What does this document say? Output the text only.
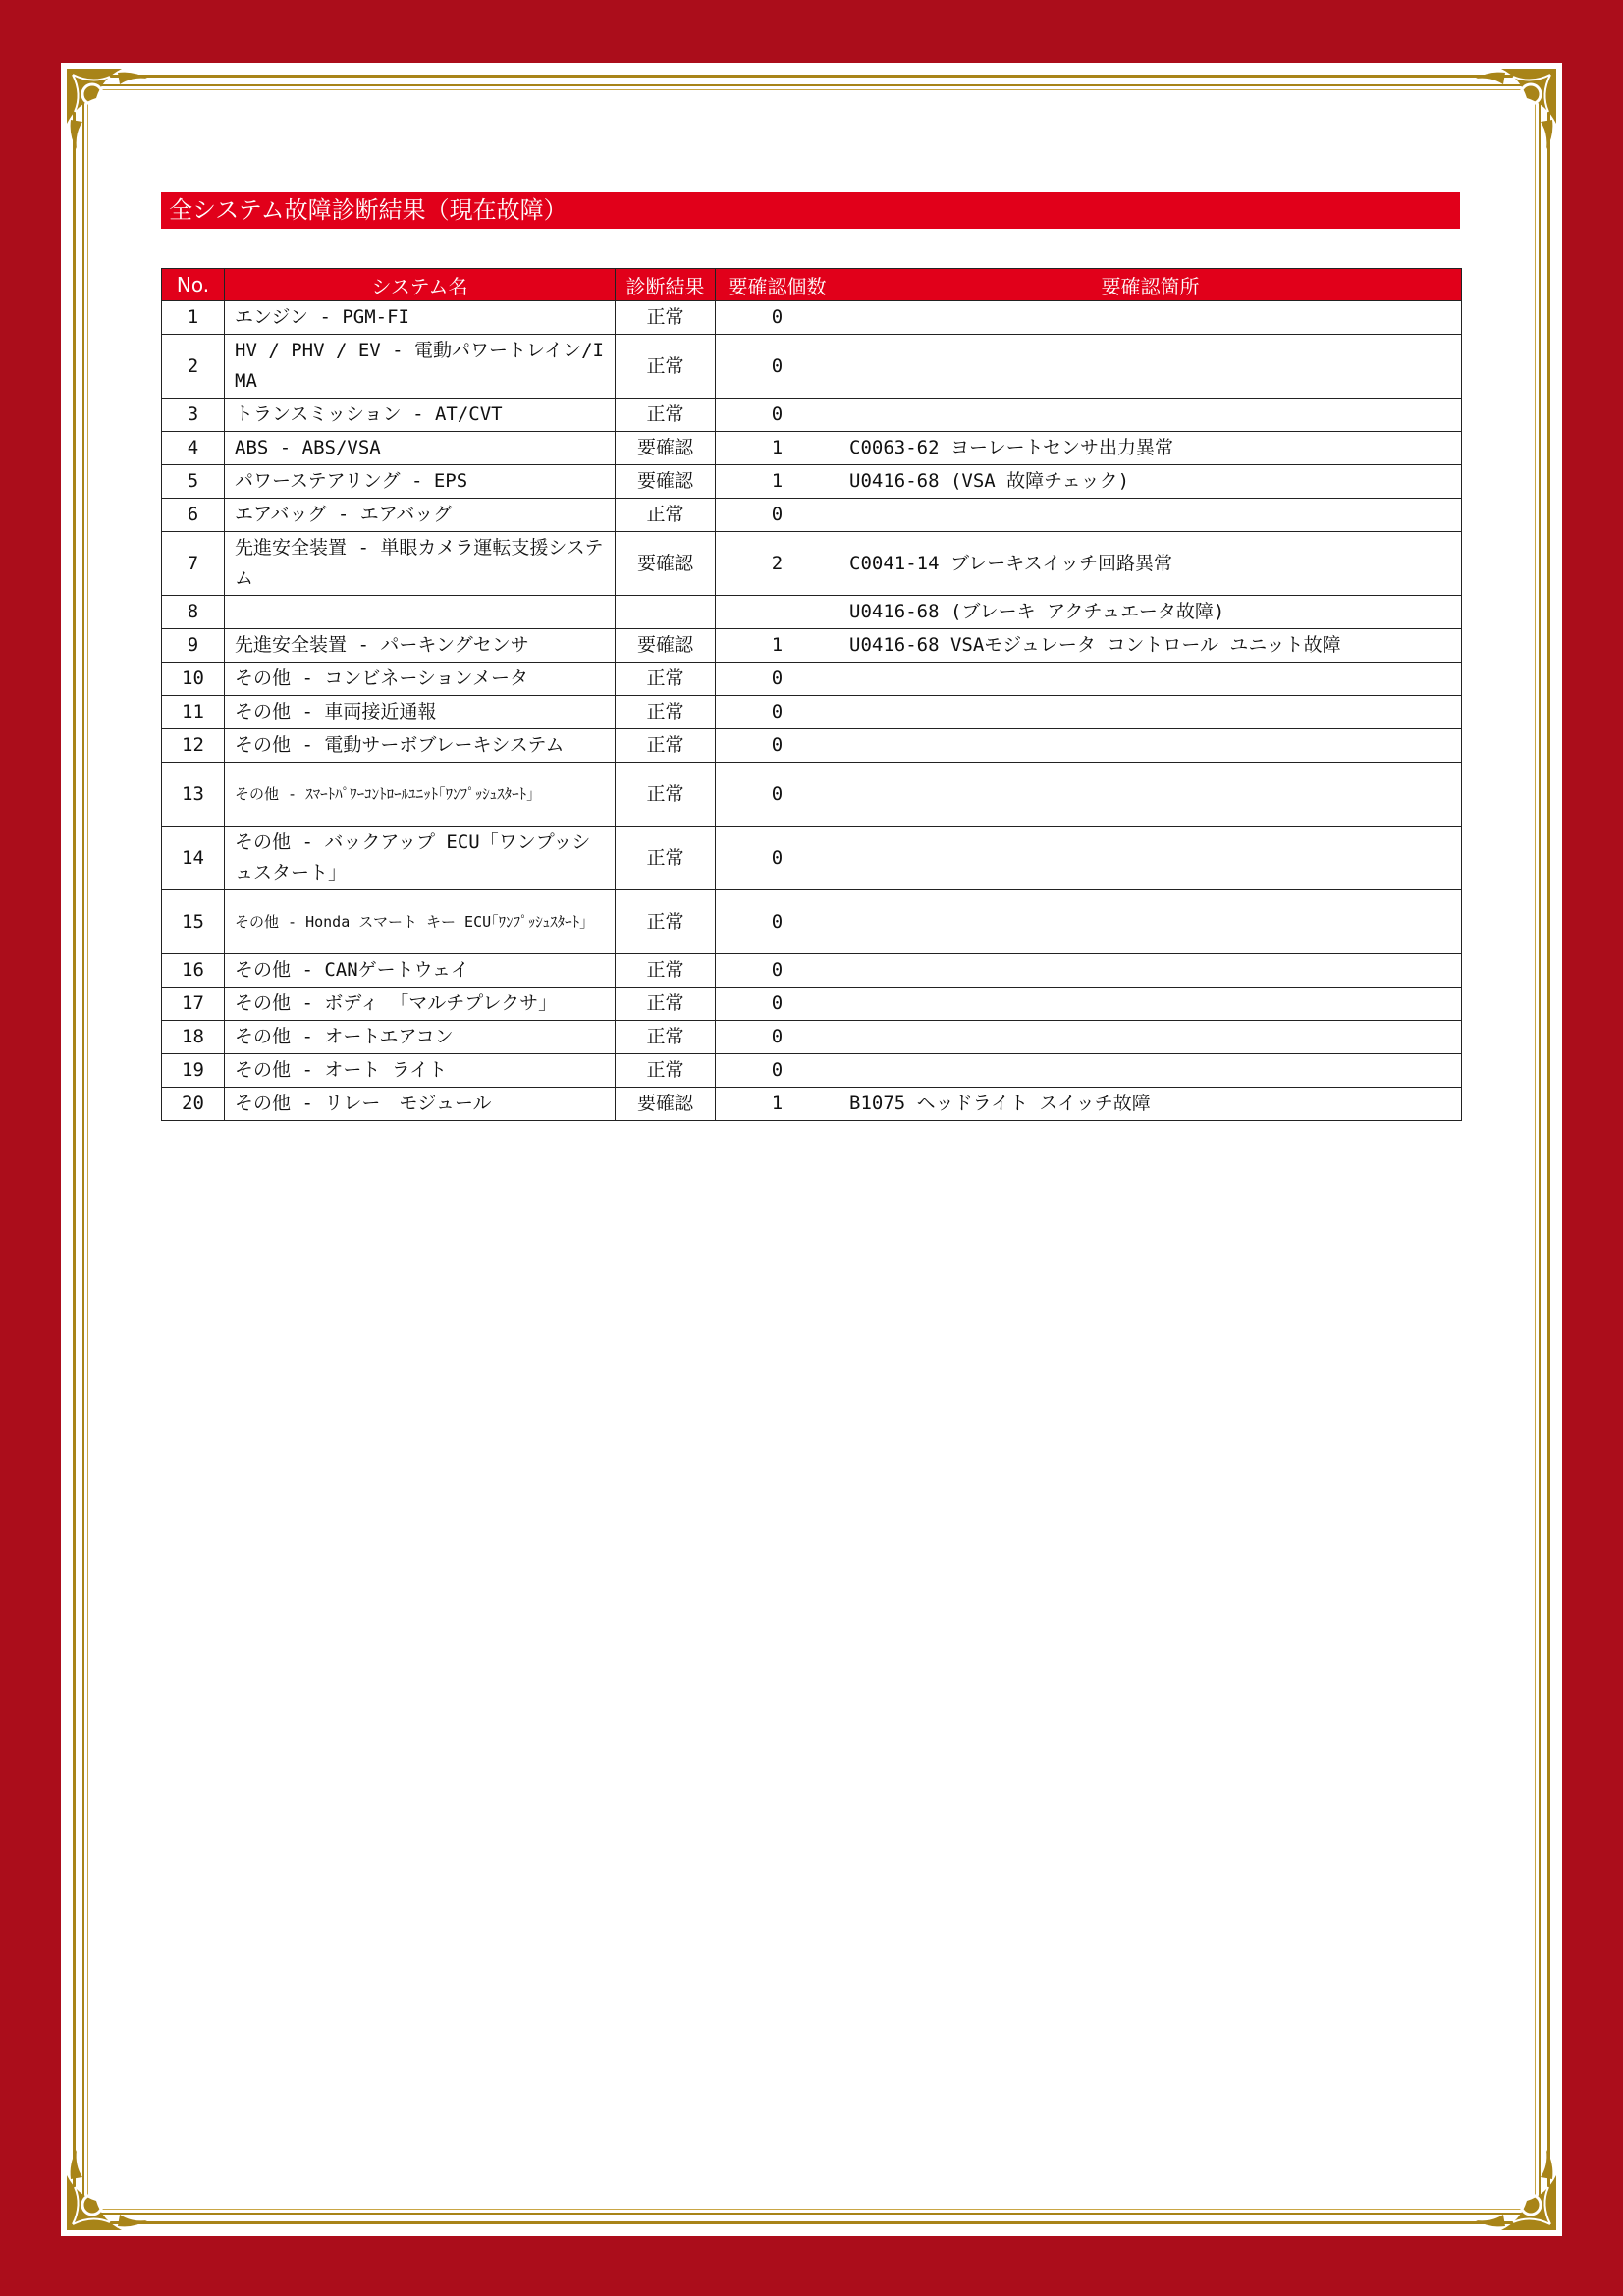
全システム故障診断結果（現在故障）
No.	システム名	診断結果	要確認個数	要確認箇所
1	エンジン - PGM-FI	正常	0	
2	HV / PHV / EV - 電動パワートレイン/IMA	正常	0	
3	トランスミッション - AT/CVT	正常	0	
4	ABS - ABS/VSA	要確認	1	C0063-62 ヨーレートセンサ出力異常
5	パワーステアリング - EPS	要確認	1	U0416-68 (VSA 故障チェック)
6	エアバッグ - エアバッグ	正常	0	
7	先進安全装置 - 単眼カメラ運転支援システム	要確認	2	C0041-14 ブレーキスイッチ回路異常
8				U0416-68 (ブレーキ アクチュエータ故障)
9	先進安全装置 - パーキングセンサ	要確認	1	U0416-68 VSAモジュレータ コントロール ユニット故障
10	その他 - コンビネーションメータ	正常	0	
11	その他 - 車両接近通報	正常	0	
12	その他 - 電動サーボブレーキシステム	正常	0	
13	その他 - ｽﾏｰﾄﾊﾟﾜｰｺﾝﾄﾛｰﾙﾕﾆｯﾄ｢ﾜﾝﾌﾟｯｼｭｽﾀｰﾄ｣	正常	0	
14	その他 - バックアップ ECU「ワンプッシュスタート」	正常	0	
15	その他 - Honda スマート キー ECU｢ﾜﾝﾌﾟｯｼｭｽﾀｰﾄ｣	正常	0	
16	その他 - CANゲートウェイ	正常	0	
17	その他 - ボディ 「マルチプレクサ」	正常	0	
18	その他 - オートエアコン	正常	0	
19	その他 - オート ライト	正常	0	
20	その他 - リレー　モジュール	要確認	1	B1075 ヘッドライト スイッチ故障
